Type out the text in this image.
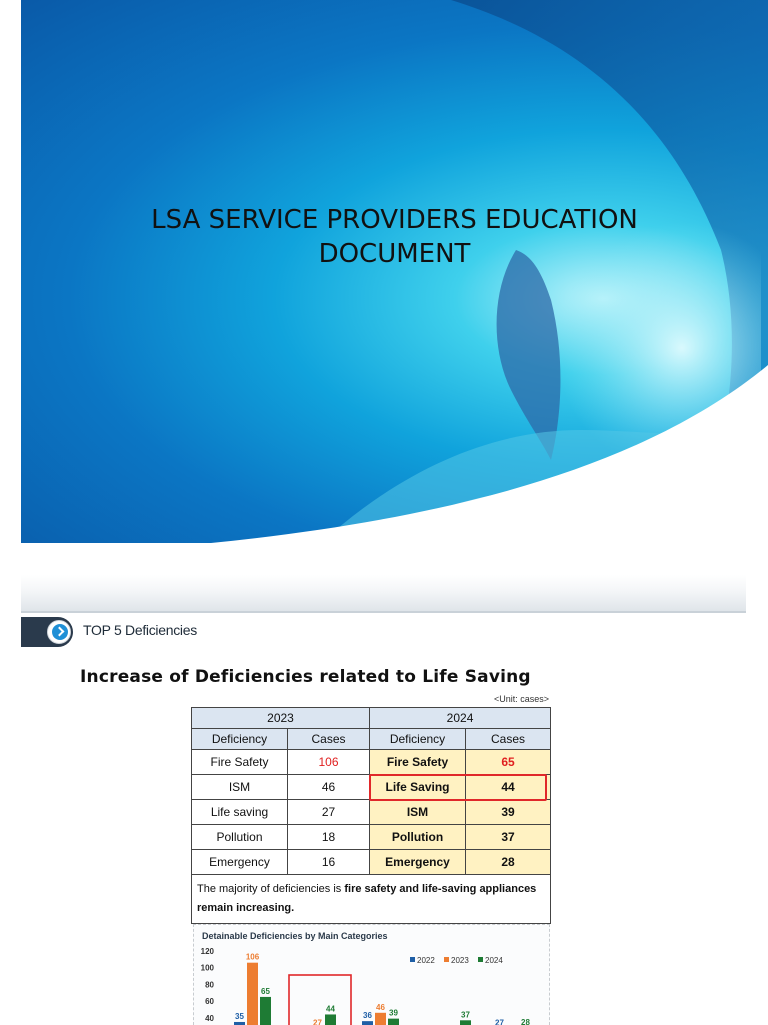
LSA SERVICE PROVIDERS EDUCATION
DOCUMENT
TOP 5 Deficiencies
Increase of Deficiencies related to Life Saving
<Unit: cases>
2023		2024	
Deficiency	Cases	Deficiency	Cases
Fire Safety	106	Fire Safety	65
ISM	46	Life Saving	44
Life saving	27	ISM	39
Pollution	18	Pollution	37
Emergency	16	Emergency	28
The majority of deficiencies is fire safety and life-saving appliances remain increasing.			
Detainable Deficiencies by Main Categories
2022 2023 2024
40
60
80
100
120
35
106
65
27
44
36
46
39	37
27 28
